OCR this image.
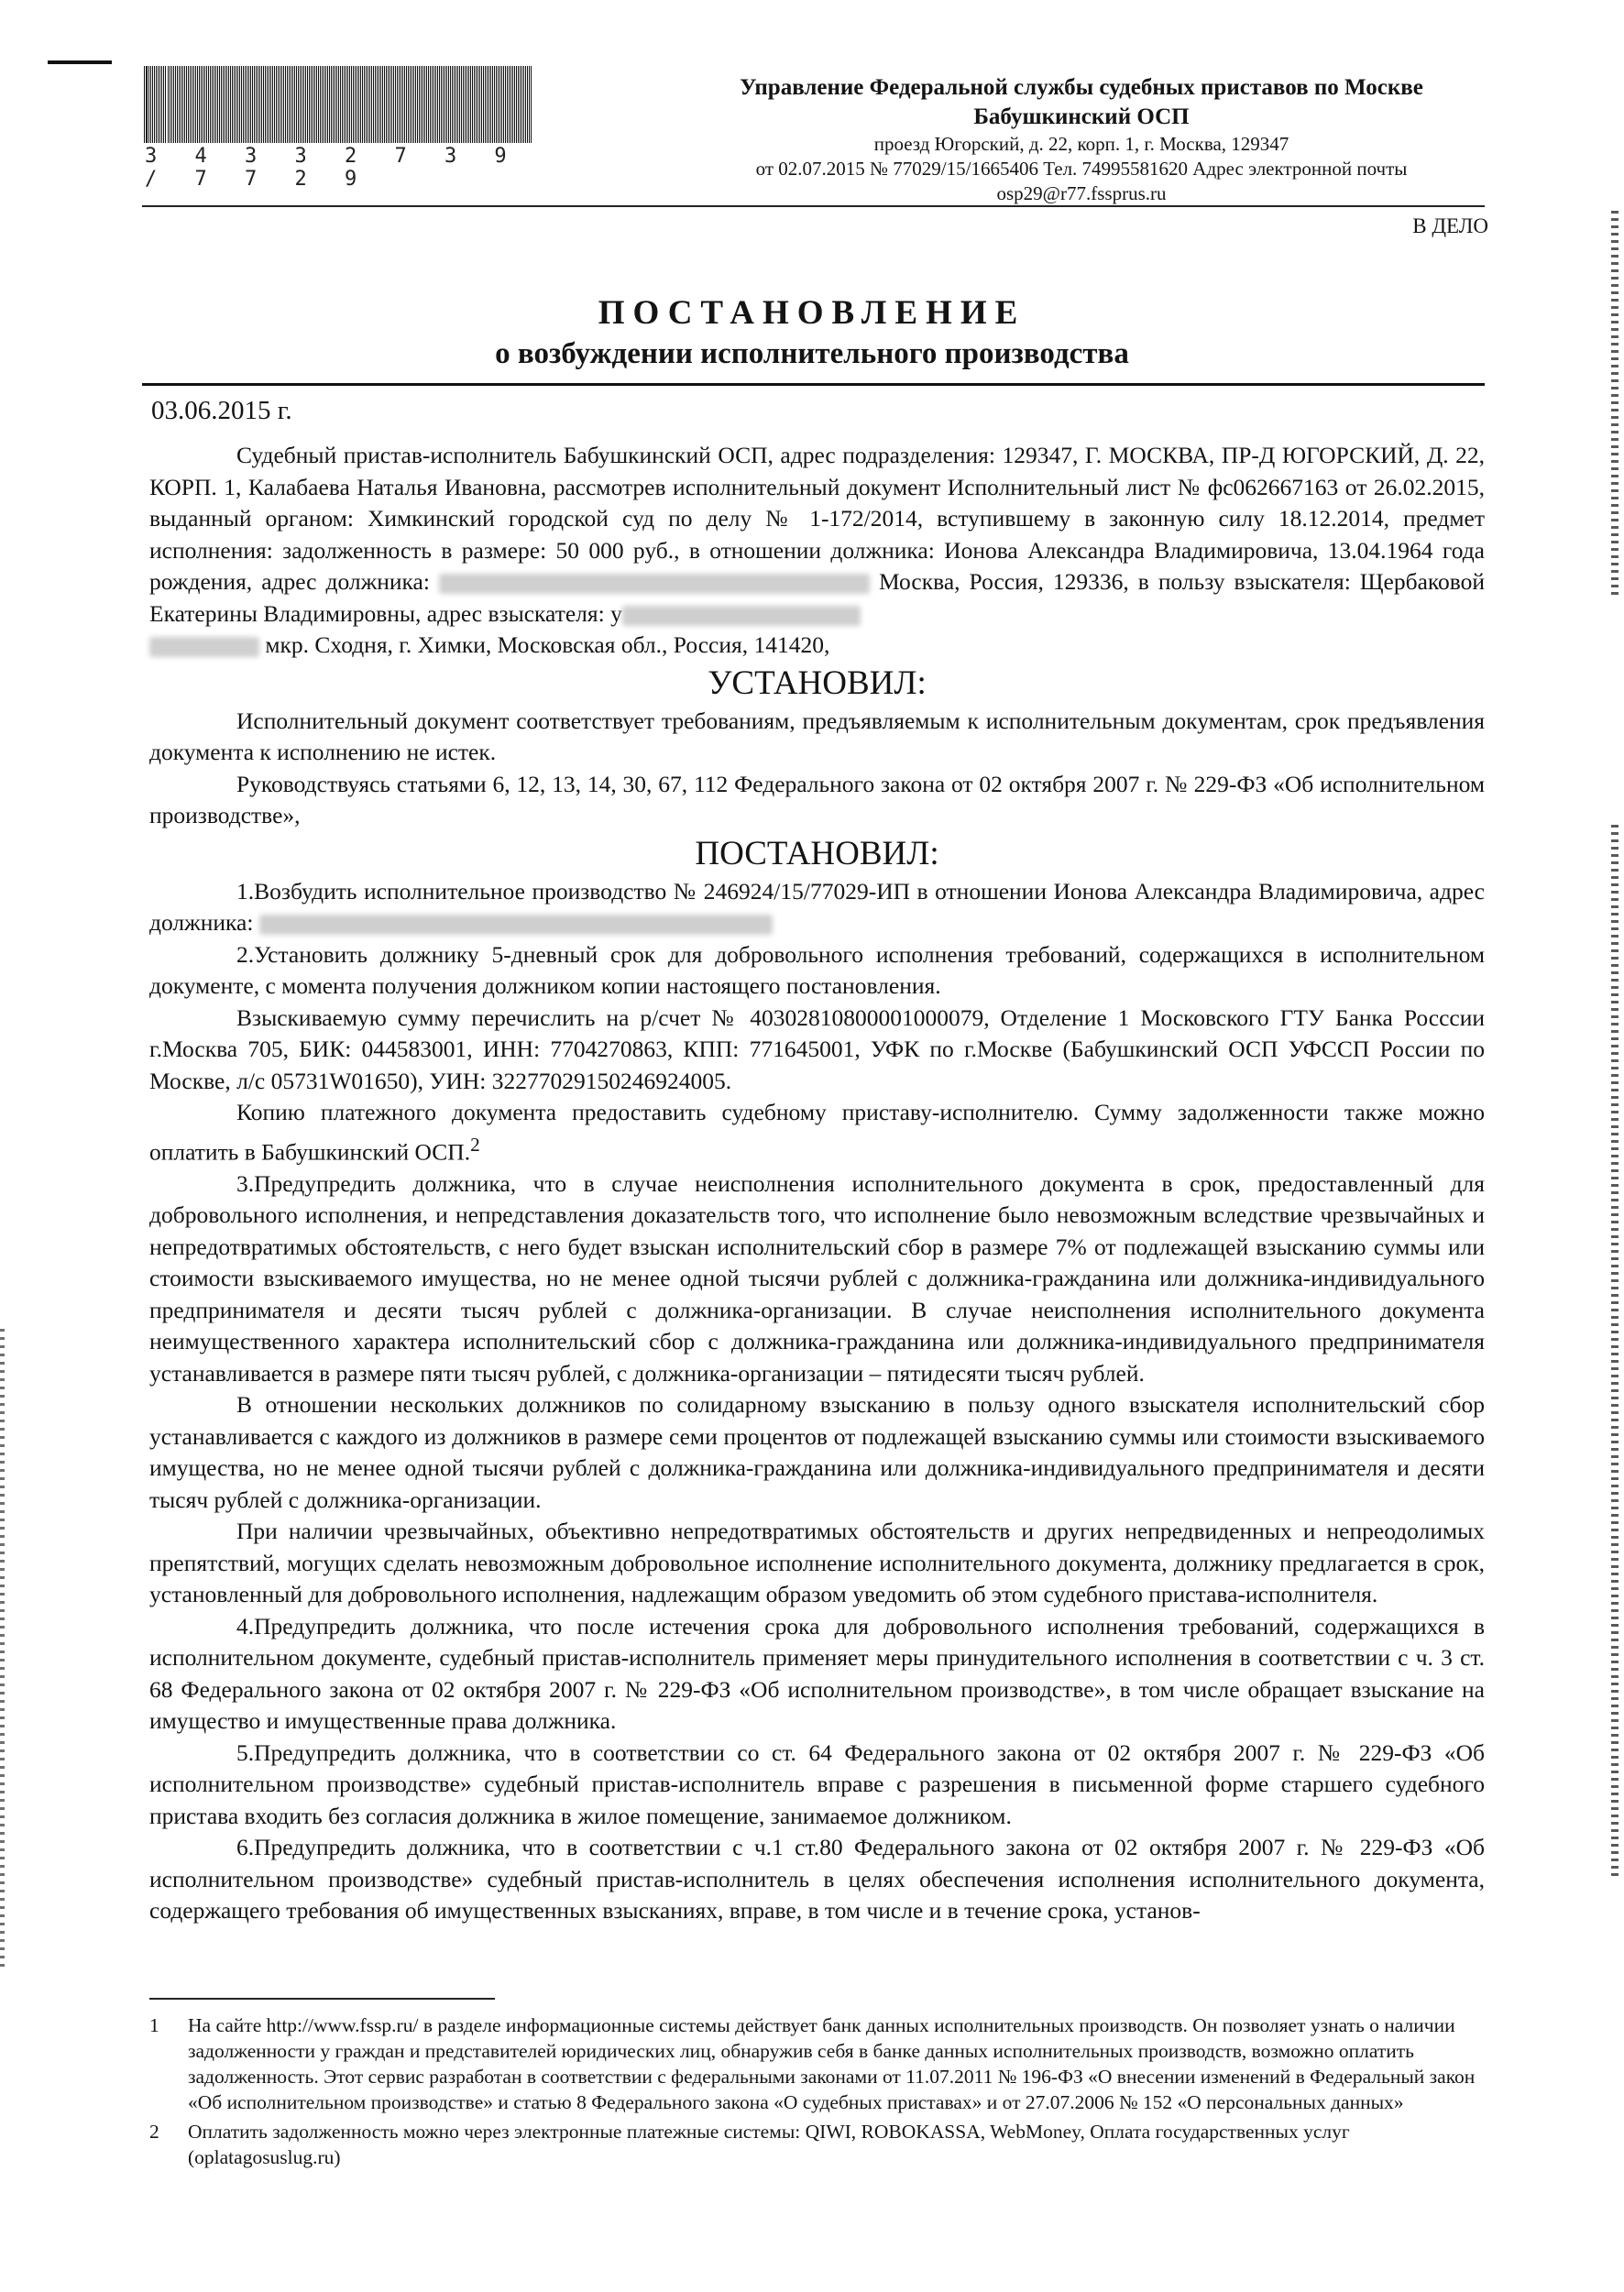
3 4 3 3 2 7 3 9 / 7 7 2 9
Управление Федеральной службы судебных приставов по Москве
Бабушкинский ОСП
проезд Югорский, д. 22, корп. 1, г. Москва, 129347
от 02.07.2015 № 77029/15/1665406 Тел. 74995581620 Адрес электронной почты
osp29@r77.fssprus.ru
В ДЕЛО
ПОСТАНОВЛЕНИЕ
о возбуждении исполнительного производства
03.06.2015 г.

Судебный пристав-исполнитель Бабушкинский ОСП, адрес подразделения: 129347, Г. МОСКВА, ПР-Д ЮГОРСКИЙ, Д. 22, КОРП. 1, Калабаева Наталья Ивановна, рассмотрев исполнительный документ Исполнительный лист № фс062667163 от 26.02.2015, выданный органом: Химкинский городской суд по делу № 1-172/2014, вступившему в законную силу 18.12.2014, предмет исполнения: задолженность в размере: 50 000 руб., в отношении должника: Ионова Александра Владимировича, 13.04.1964 года рождения, адрес должника:	Москва, Россия, 129336, в пользу взыскателя: Щербаковой Екатерины Владимировны, адрес взыскателя: у
мкр. Сходня, г. Химки, Московская обл., Россия, 141420,

УСТАНОВИЛ:

Исполнительный документ соответствует требованиям, предъявляемым к исполнительным документам, срок предъявления документа к исполнению не истек.

Руководствуясь статьями 6, 12, 13, 14, 30, 67, 112 Федерального закона от 02 октября 2007 г. № 229-ФЗ «Об исполнительном производстве»,

ПОСТАНОВИЛ:

1.Возбудить исполнительное производство № 246924/15/77029-ИП в отношении Ионова Александра Владимировича, адрес должника:

2.Установить должнику 5-дневный срок для добровольного исполнения требований, содержащихся в исполнительном документе, с момента получения должником копии настоящего постановления.

Взыскиваемую сумму перечислить на р/счет № 40302810800001000079, Отделение 1 Московского ГТУ Банка Росссии г.Москва 705, БИК: 044583001, ИНН: 7704270863, КПП: 771645001, УФК по г.Москве (Бабушкинский ОСП УФССП России по Москве, л/с 05731W01650), УИН: 32277029150246924005.

Копию платежного документа предоставить судебному приставу-исполнителю. Сумму задолженности также можно оплатить в Бабушкинский ОСП.$^2$

3.Предупредить должника, что в случае неисполнения исполнительного документа в срок, предоставленный для добровольного исполнения, и непредставления доказательств того, что исполнение было невозможным вследствие чрезвычайных и непредотвратимых обстоятельств, с него будет взыскан исполнительский сбор в размере 7% от подлежащей взысканию суммы или стоимости взыскиваемого имущества, но не менее одной тысячи рублей с должника-гражданина или должника-индивидуального предпринимателя и десяти тысяч рублей с должника-организации. В случае неисполнения исполнительного документа неимущественного характера исполнительский сбор с должника-гражданина или должника-индивидуального предпринимателя устанавливается в размере пяти тысяч рублей, с должника-организации – пятидесяти тысяч рублей.

В отношении нескольких должников по солидарному взысканию в пользу одного взыскателя исполнительский сбор устанавливается с каждого из должников в размере семи процентов от подлежащей взысканию суммы или стоимости взыскиваемого имущества, но не менее одной тысячи рублей с должника-гражданина или должника-индивидуального предпринимателя и десяти тысяч рублей с должника-организации.

При наличии чрезвычайных, объективно непредотвратимых обстоятельств и других непредвиденных и непреодолимых препятствий, могущих сделать невозможным добровольное исполнение исполнительного документа, должнику предлагается в срок, установленный для добровольного исполнения, надлежащим образом уведомить об этом судебного пристава-исполнителя.

4.Предупредить должника, что после истечения срока для добровольного исполнения требований, содержащихся в исполнительном документе, судебный пристав-исполнитель применяет меры принудительного исполнения в соответствии с ч. 3 ст. 68 Федерального закона от 02 октября 2007 г. № 229-ФЗ «Об исполнительном производстве», в том числе обращает взыскание на имущество и имущественные права должника.

5.Предупредить должника, что в соответствии со ст. 64 Федерального закона от 02 октября 2007 г. № 229-ФЗ «Об исполнительном производстве» судебный пристав-исполнитель вправе с разрешения в письменной форме старшего судебного пристава входить без согласия должника в жилое помещение, занимаемое должником.

6.Предупредить должника, что в соответствии с ч.1 ст.80 Федерального закона от 02 октября 2007 г. № 229-ФЗ «Об исполнительном производстве» судебный пристав-исполнитель в целях обеспечения исполнения исполнительного документа, содержащего требования об имущественных взысканиях, вправе, в том числе и в течение срока, установ-

1	На сайте http://www.fssp.ru/ в разделе информационные системы действует банк данных исполнительных производств. Он позволяет узнать о наличии задолженности у граждан и представителей юридических лиц, обнаружив себя в банке данных исполнительных производств, возможно оплатить задолженность. Этот сервис разработан в соответствии с федеральными законами от 11.07.2011 № 196-ФЗ «О внесении изменений в Федеральный закон «Об исполнительном производстве» и статью 8 Федерального закона «О судебных приставах» и от 27.07.2006 № 152 «О персональных данных»
2	Оплатить задолженность можно через электронные платежные системы: QIWI, ROBOKASSA, WebMoney, Оплата государственных услуг (oplatagosuslug.ru)
